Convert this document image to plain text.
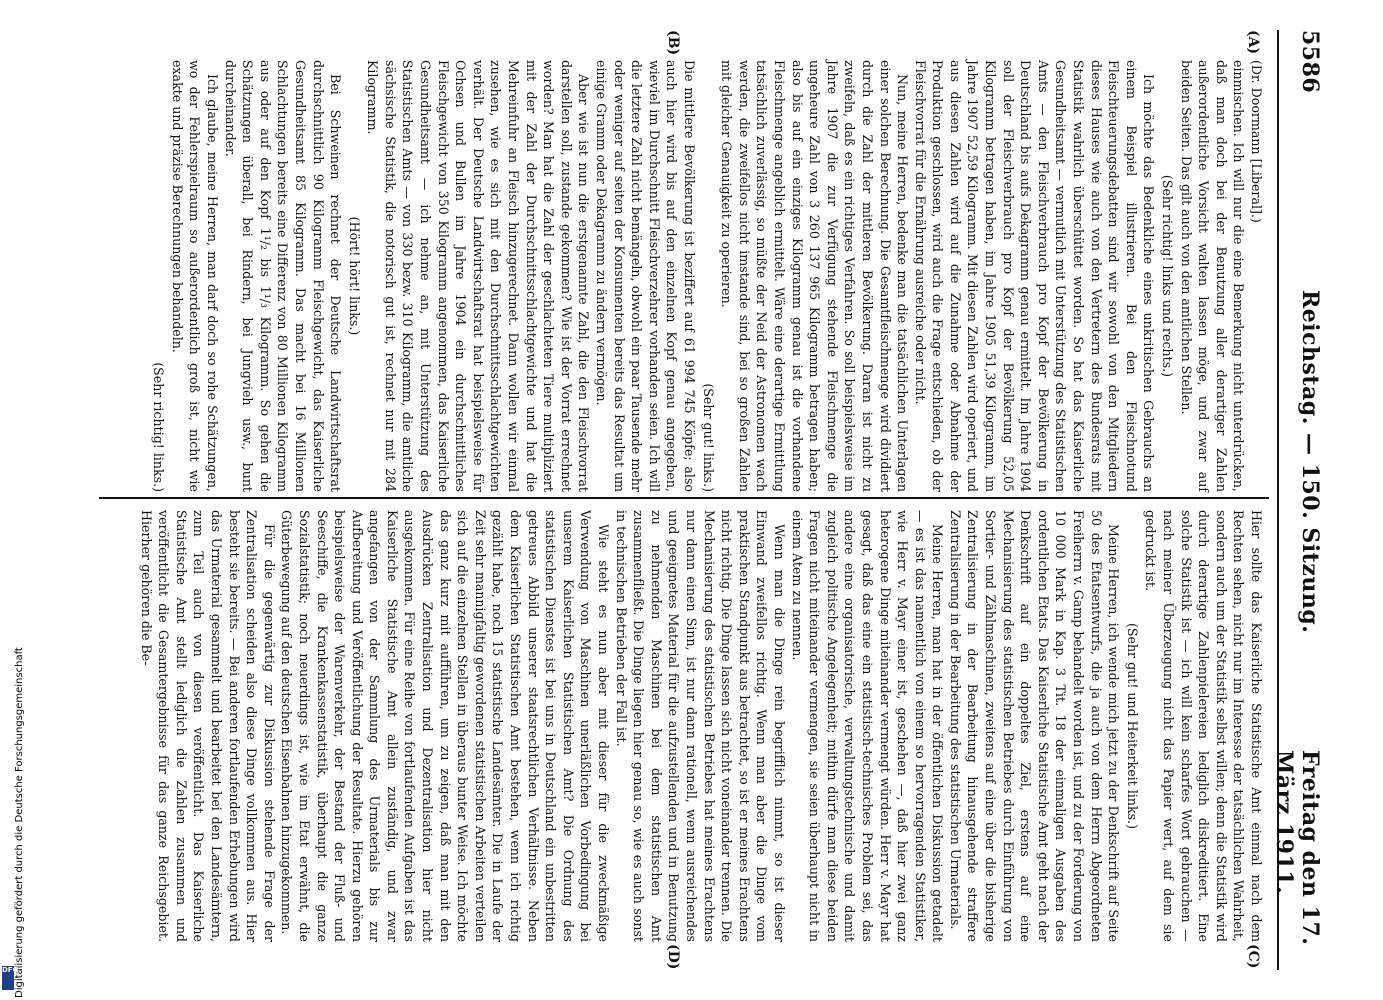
5586
Reichstag. — 150. Sitzung.
Freitag den 17. März 1911.
(A)
(B)
(C)
(D)

(Dr. Doormann [Liberal].)

einmischen. Ich will nur die eine Bemerkung nicht unterdrücken, daß man doch bei der Benutzung aller derartiger Zahlen außerordentliche Vorsicht walten lassen möge, und zwar auf beiden Seiten. Das gilt auch von den amtlichen Stellen.

(Sehr richtig! links und rechts.)

Ich möchte das Bedenkliche eines unkritischen Gebrauchs an einem Beispiel illustrieren. Bei den Fleischnotund Fleischteuerungsdebatten sind wir sowohl von den Mitgliedern dieses Hauses wie auch von den Vertretern des Bundesrats mit Statistik wahrlich überschüttet worden. So hat das Kaiserliche Gesundheitsamt — vermutlich mit Unterstützung des Statistischen Amts — den Fleischverbrauch pro Kopf der Bevölkerung in Deutschland bis aufs Dekagramm genau ermittelt. Im Jahre 1904 soll der Fleischverbrauch pro Kopf der Bevölkerung 52,05 Kilogramm betragen haben, im Jahre 1905 51,39 Kilogramm, im Jahre 1907 52,59 Kilogramm. Mit diesen Zahlen wird operiert, und aus diesen Zahlen wird auf die Zunahme oder Abnahme der Produktion geschlossen, wird auch die Frage entschieden, ob der Fleischvorrat für die Ernährung ausreiche oder nicht.

Nun, meine Herren, bedenke man die tatsächlichen Unterlagen einer solchen Berechnung. Die Gesamtfleischmenge wird dividiert durch die Zahl der mittleren Bevölkerung. Daran ist nicht zu zweifeln, daß es ein richtiges Verfahren. So soll beispielsweise im Jahre 1907 die zur Verfügung stehende Fleischmenge die ungeheure Zahl von 3 260 137 965 Kilogramm betragen haben; also bis auf ein einziges Kilogramm genau ist die vorhandene Fleischmenge angeblich ermittelt. Wäre eine derartige Ermittlung tatsächlich zuverlässig, so müßte der Neid der Astronomen wach werden, die zweifellos nicht imstande sind, bei so großen Zahlen mit gleicher Genauigkeit zu operieren.

(Sehr gut! links.)

Die mittlere Bevölkerung ist beziffert auf 61 994 745 Köpfe; also auch hier wird bis auf den einzelnen Kopf genau angegeben, wieviel im Durchschnitt Fleischverzehrer vorhanden seien. Ich will die letztere Zahl nicht bemängeln, obwohl ein paar Tausende mehr oder weniger auf seiten der Konsumenten bereits das Resultat um einige Gramm oder Dekagramm zu ändern vermögen.

Aber wie ist nun die erstgenannte Zahl, die den Fleischvorrat darstellen soll, zustande gekommen? Wie ist der Vorrat errechnet worden? Man hat die Zahl der geschlachteten Tiere multipliziert mit der Zahl der Durchschnittsschlachtgewichte und hat die Mehreinfuhr an Fleisch hinzugerechnet. Dann wollen wir einmal zusehen, wie es sich mit den Durchschnittsschlachtgewichten verhält. Der Deutsche Landwirtschaftsrat hat beispielsweise für Ochsen und Bullen im Jahre 1904 ein durchschnittliches Fleischgewicht von 350 Kilogramm angenommen, das Kaiserliche Gesundheitsamt — ich nehme an, mit Unterstützung des Statistischen Amts — von 330 bezw. 310 Kilogramm, die amtliche sächsische Statistik, die notorisch gut ist, rechnet nur mit 284 Kilogramm.

(Hört! hört! links.)

Bei Schweinen rechnet der Deutsche Landwirtschaftsrat durchschnittlich 90 Kilogramm Fleischgewicht, das Kaiserliche Gesundheitsamt 85 Kilogramm. Das macht bei 16 Millionen Schlachtungen bereits eine Differenz von 80 Millionen Kilogramm aus oder auf den Kopf 1¹/₂ bis 1¹/₃ Kilogramm. So gehen die Schätzungen überall, bei Rindern, bei Jungvieh usw., bunt durcheinander.

Ich glaube, meine Herren, man darf doch so rohe Schätzungen, wo der Fehlerspielraum so außerordentlich groß ist, nicht wie exakte und präzise Berechnungen behandeln.

(Sehr richtig! links.)

Hier sollte das Kaiserliche Statistische Amt einmal nach dem Rechten sehen, nicht nur im Interesse der tatsächlichen Wahrheit, sondern auch um der Statistik selbst willen; denn die Statistik wird durch derartige Zahlenpielereien lediglich diskreditiert. Eine solche Statistik ist — ich will kein scharfes Wort gebrauchen — nach meiner Überzeugung nicht das Papier wert, auf dem sie gedruckt ist.

(Sehr gut! und Heiterkeit links.)

Meine Herren, ich wende mich jetzt zu der Denkschrift auf Seite 50 des Etatsentwurfs, die ja auch von dem Herrn Abgeordneten Freiherrn v. Gamp behandelt worden ist, und zu der Forderung von 10 000 Mark in Kap. 3 Tit. 18 der einmaligen Ausgaben des ordentlichen Etats. Das Kaiserliche Statistische Amt geht nach der Denkschrift auf ein doppeltes Ziel, erstens auf eine Mechanisierung des statistischen Betriebes durch Einführung von Sortier- und Zählmaschinen, zweitens auf eine über die bisherige Zentralisierung in der Bearbeitung hinausgehende straffere Zentralisierung in der Bearbeitung des statistischen Urmaterials.

Meine Herren, man hat in der öffentlichen Diskussion getadelt — es ist das namentlich von einem so hervorragenden Statistiker, wie Herr v. Mayr einer ist, geschehen —, daß hier zwei ganz heterogene Dinge miteinander vermengt würden. Herr v. Mayr hat gesagt, daß das eine ein statistisch-technisches Problem sei, das andere eine organisatorische, verwaltungstechnische und damit zugleich politische Angelegenheit; mithin dürfe man diese beiden Fragen nicht miteinander vermengen, sie seien überhaupt nicht in einem Atem zu nennen.

Wenn man die Dinge rein begrifflich nimmt, so ist dieser Einwand zweifellos richtig. Wenn man aber die Dinge vom praktischen Standpunkt aus betrachtet, so ist er meines Erachtens nicht richtig. Die Dinge lassen sich nicht voneinander trennen. Die Mechanisierung des statistischen Betriebes hat meines Erachtens nur dann einen Sinn, ist nur dann rationell, wenn ausreichendes und geeignetes Material für die aufzustellenden und in Benutzung zu nehmenden Maschinen bei dem statistischen Amt zusammenfließt. Die Dinge liegen hier genau so, wie es auch sonst in technischen Betrieben der Fall ist.

Wie steht es nun aber mit dieser für die zweckmäßige Verwendung von Maschinen unerläßlichen Vorbedingung bei unserem Kaiserlichen Statistischen Amt? Die Ordnung des statistischen Dienstes ist bei uns in Deutschland ein unbestritten getreues Abbild unserer staatsrechtlichen Verhältnisse. Neben dem Kaiserlichen Statistischen Amt bestehen, wenn ich richtig gezählt habe, noch 15 statistische Landesämter. Die in Laufe der Zeit sehr mannigfaltig gewordenen statistischen Arbeiten verteilen sich auf die einzelnen Stellen in überaus bunter Weise. Ich möchte das ganz kurz mit aufführen, um zu zeigen, daß man mit den Ausdrücken Zentralisation und Dezentralisation hier nicht ausgekommen. Für eine Reihe von fortlaufenden Aufgaben ist das Kaiserliche Statistische Amt allein zuständig, und zwar angefangen von der Sammlung des Urmaterials bis zur Aufbereitung und Veröffentlichung der Resultate. Hierzu gehören beispielsweise der Warenverkehr, der Bestand der Fluß- und Seeschiffe, die Krankenkassenstatistik, überhaupt die ganze Sozialstatistik; noch neuerdings ist, wie im Etat erwähnt, die Güterbewegung auf den deutschen Eisenbahnen hinzugekommen.

Für die gegenwärtig zur Diskussion stehende Frage der Zentralisation scheiden also diese Dinge vollkommen aus. Hier besteht sie bereits. — Bei anderen fortlaufenden Erhebungen wird das Urmaterial gesammelt und bearbeitet bei den Landesämtern, zum Teil auch von diesen veröffentlicht. Das Kaiserliche Statistische Amt stellt lediglich die Zahlen zusammen und veröffentlicht die Gesamtergebnisse für das ganze Reichsgebiet. Hierher gehören die Be-

Digitalisierung gefördert durch die Deutsche Forschungsgemeinschaft
DFG
